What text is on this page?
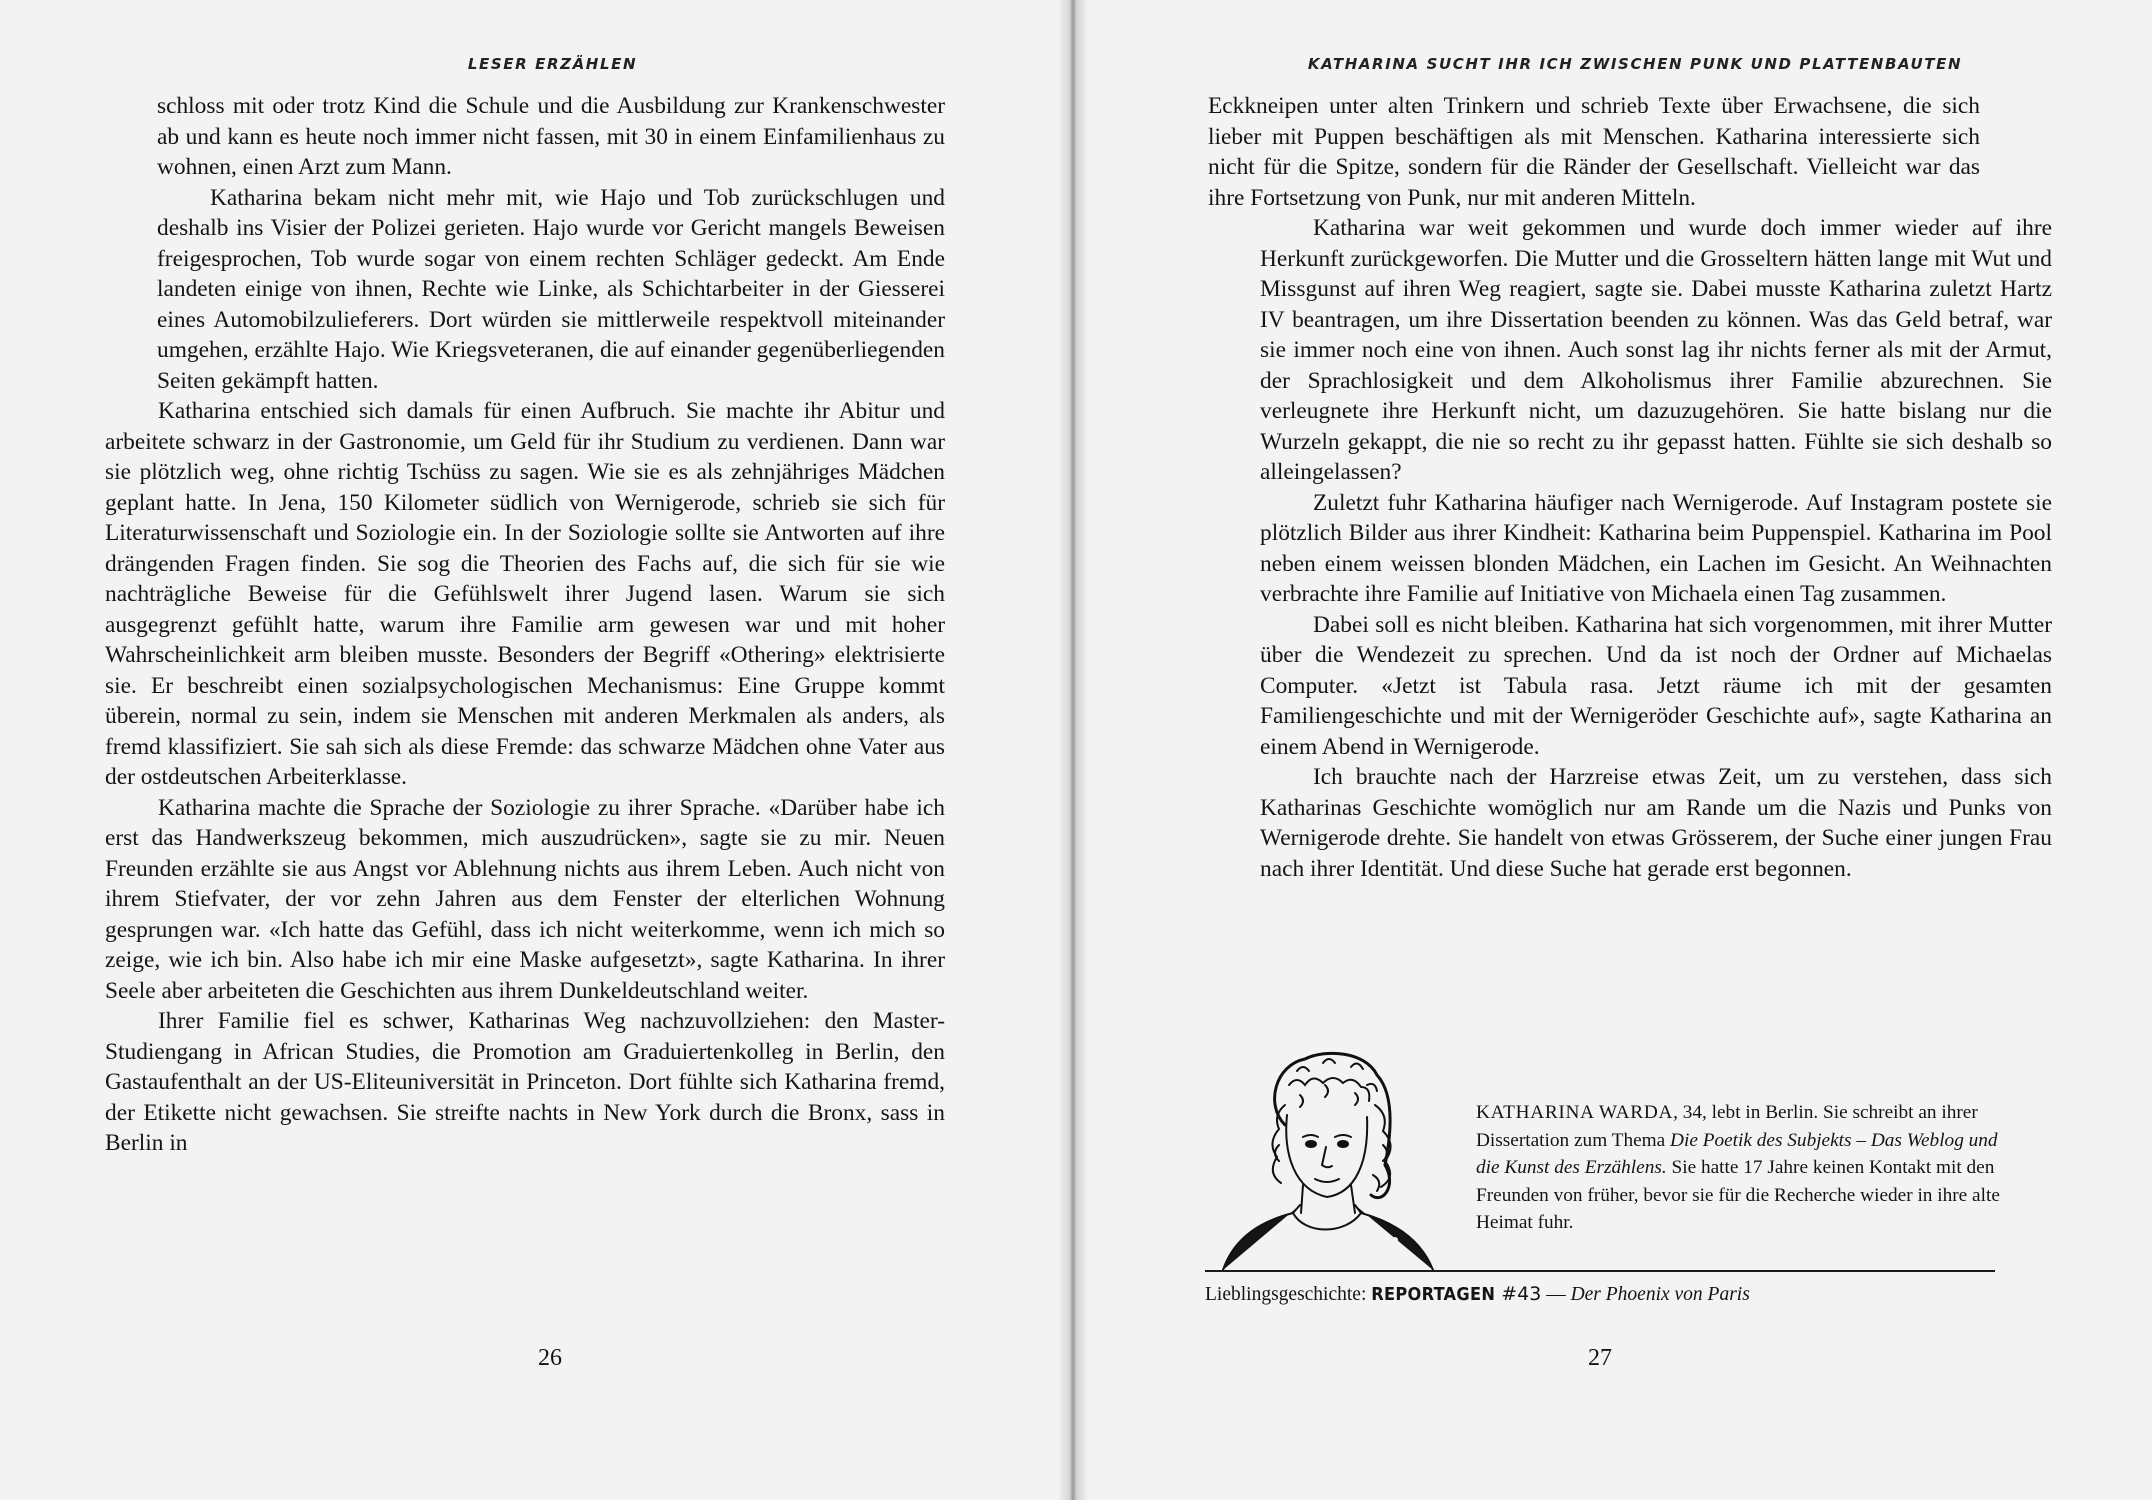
LESER ERZÄHLEN

schloss mit oder trotz Kind die Schule und die Ausbildung zur Krankenschwester ab und kann es heute noch immer nicht fassen, mit 30 in einem Einfamilienhaus zu wohnen, einen Arzt zum Mann.

Katharina bekam nicht mehr mit, wie Hajo und Tob zurückschlugen und deshalb ins Visier der Polizei gerieten. Hajo wurde vor Gericht mangels Beweisen freigesprochen, Tob wurde sogar von einem rechten Schläger gedeckt. Am Ende landeten einige von ihnen, Rechte wie Linke, als Schichtarbeiter in der Giesserei eines Automobilzulieferers. Dort würden sie mittlerweile respektvoll miteinander umgehen, erzählte Hajo. Wie Kriegsveteranen, die auf einander gegenüberliegenden Seiten gekämpft hatten.

Katharina entschied sich damals für einen Aufbruch. Sie machte ihr Abitur und arbeitete schwarz in der Gastronomie, um Geld für ihr Studium zu verdienen. Dann war sie plötzlich weg, ohne richtig Tschüss zu sagen. Wie sie es als zehnjähriges Mädchen geplant hatte. In Jena, 150 Kilometer südlich von Wernigerode, schrieb sie sich für Literaturwissenschaft und Soziologie ein. In der Soziologie sollte sie Antworten auf ihre drängenden Fragen finden. Sie sog die Theorien des Fachs auf, die sich für sie wie nachträgliche Beweise für die Gefühlswelt ihrer Jugend lasen. Warum sie sich ausgegrenzt gefühlt hatte, warum ihre Familie arm gewesen war und mit hoher Wahrscheinlichkeit arm bleiben musste. Besonders der Begriff «Othering» elektrisierte sie. Er beschreibt einen sozialpsychologischen Mechanismus: Eine Gruppe kommt überein, normal zu sein, indem sie Menschen mit anderen Merkmalen als anders, als fremd klassifiziert. Sie sah sich als diese Fremde: das schwarze Mädchen ohne Vater aus der ostdeutschen Arbeiterklasse.

Katharina machte die Sprache der Soziologie zu ihrer Sprache. «Darüber habe ich erst das Handwerkszeug bekommen, mich auszudrücken», sagte sie zu mir. Neuen Freunden erzählte sie aus Angst vor Ablehnung nichts aus ihrem Leben. Auch nicht von ihrem Stiefvater, der vor zehn Jahren aus dem Fenster der elterlichen Wohnung gesprungen war. «Ich hatte das Gefühl, dass ich nicht weiterkomme, wenn ich mich so zeige, wie ich bin. Also habe ich mir eine Maske aufgesetzt», sagte Katharina. In ihrer Seele aber arbeiteten die Geschichten aus ihrem Dunkeldeutschland weiter.

Ihrer Familie fiel es schwer, Katharinas Weg nachzuvollziehen: den Master-Studiengang in African Studies, die Promotion am Graduiertenkolleg in Berlin, den Gastaufenthalt an der US-Eliteuniversität in Princeton. Dort fühlte sich Katharina fremd, der Etikette nicht gewachsen. Sie streifte nachts in New York durch die Bronx, sass in Berlin in

26
KATHARINA SUCHT IHR ICH ZWISCHEN PUNK UND PLATTENBAUTEN

Eckkneipen unter alten Trinkern und schrieb Texte über Erwachsene, die sich lieber mit Puppen beschäftigen als mit Menschen. Katharina interessierte sich nicht für die Spitze, sondern für die Ränder der Gesellschaft. Vielleicht war das ihre Fortsetzung von Punk, nur mit anderen Mitteln.

Katharina war weit gekommen und wurde doch immer wieder auf ihre Herkunft zurückgeworfen. Die Mutter und die Grosseltern hätten lange mit Wut und Missgunst auf ihren Weg reagiert, sagte sie. Dabei musste Katharina zuletzt Hartz IV beantragen, um ihre Dissertation beenden zu können. Was das Geld betraf, war sie immer noch eine von ihnen. Auch sonst lag ihr nichts ferner als mit der Armut, der Sprachlosigkeit und dem Alkoholismus ihrer Familie abzurechnen. Sie verleugnete ihre Herkunft nicht, um dazuzugehören. Sie hatte bislang nur die Wurzeln gekappt, die nie so recht zu ihr gepasst hatten. Fühlte sie sich deshalb so alleingelassen?

Zuletzt fuhr Katharina häufiger nach Wernigerode. Auf Instagram postete sie plötzlich Bilder aus ihrer Kindheit: Katharina beim Puppenspiel. Katharina im Pool neben einem weissen blonden Mädchen, ein Lachen im Gesicht. An Weihnachten verbrachte ihre Familie auf Initiative von Michaela einen Tag zusammen.

Dabei soll es nicht bleiben. Katharina hat sich vorgenommen, mit ihrer Mutter über die Wendezeit zu sprechen. Und da ist noch der Ordner auf Michaelas Computer. «Jetzt ist Tabula rasa. Jetzt räume ich mit der gesamten Familiengeschichte und mit der Wernigeröder Geschichte auf», sagte Katharina an einem Abend in Wernigerode.

Ich brauchte nach der Harzreise etwas Zeit, um zu verstehen, dass sich Katharinas Geschichte womöglich nur am Rande um die Nazis und Punks von Wernigerode drehte. Sie handelt von etwas Grösserem, der Suche einer jungen Frau nach ihrer Identität. Und diese Suche hat gerade erst begonnen.

KATHARINA WARDA, 34, lebt in Berlin. Sie schreibt an ihrer Dissertation zum Thema Die Poetik des Subjekts – Das Weblog und die Kunst des Erzählens. Sie hatte 17 Jahre keinen Kontakt mit den Freunden von früher, bevor sie für die Recherche wieder in ihre alte Heimat fuhr.
Lieblingsgeschichte: REPORTAGEN #43 — Der Phoenix von Paris
27
